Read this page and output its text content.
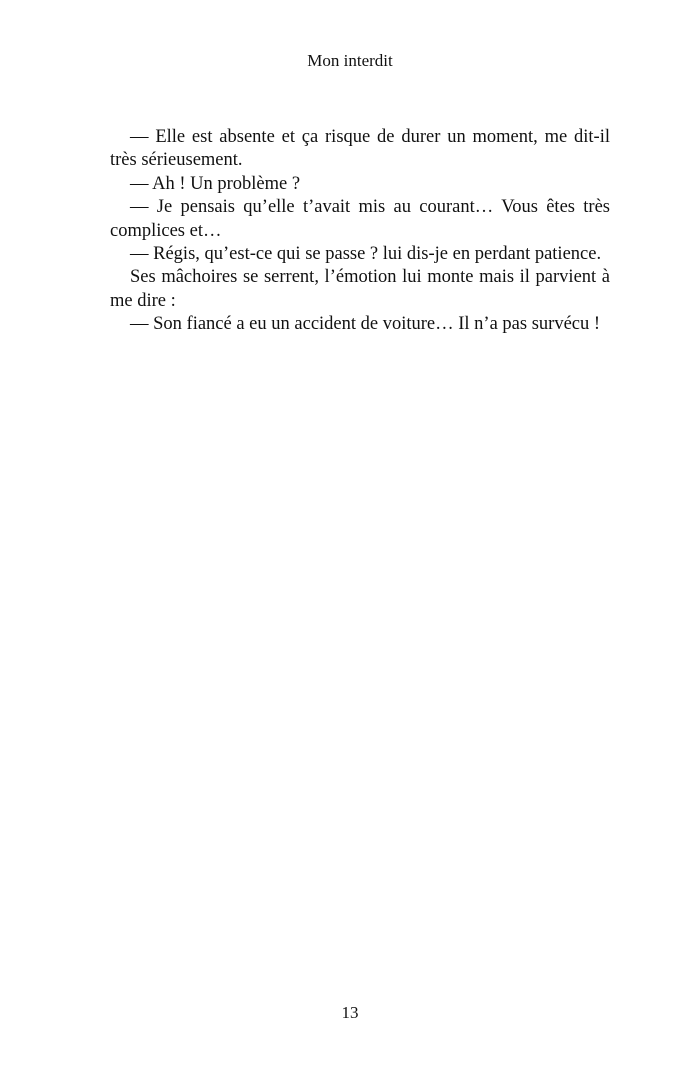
Mon interdit

— Elle est absente et ça risque de durer un moment, me dit-il très sérieusement.

— Ah ! Un problème ?

— Je pensais qu’elle t’avait mis au courant… Vous êtes très complices et…

— Régis, qu’est-ce qui se passe ? lui dis-je en perdant patience.

Ses mâchoires se serrent, l’émotion lui monte mais il parvient à me dire :

— Son fiancé a eu un accident de voiture… Il n’a pas survécu !

13
